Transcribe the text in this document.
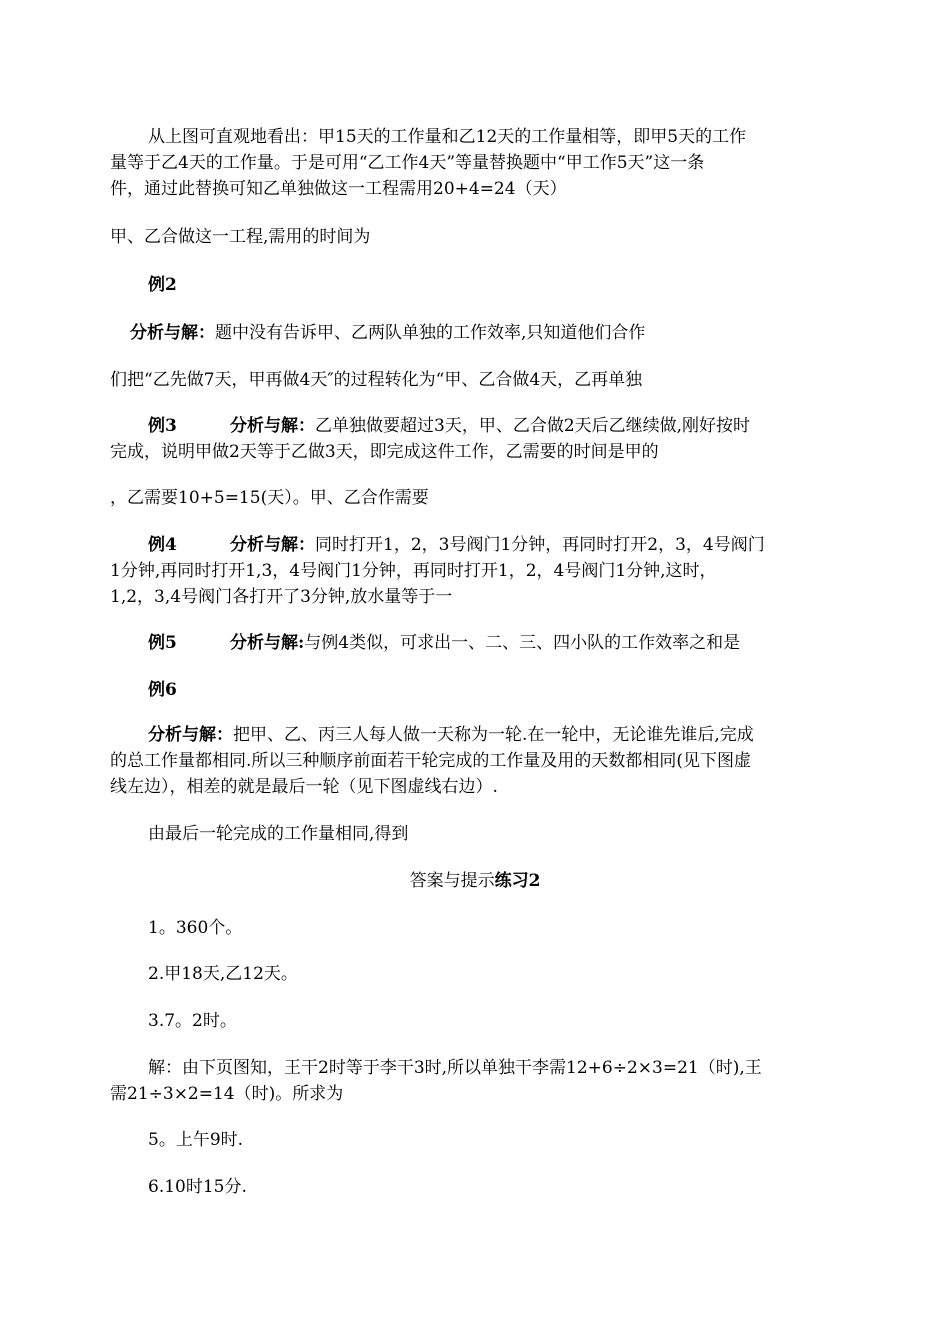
从上图可直观地看出：甲15天的工作量和乙12天的工作量相等，即甲5天的工作
量等于乙4天的工作量。于是可用“乙工作4天”等量替换题中“甲工作5天”这一条
件，通过此替换可知乙单独做这一工程需用20+4=24（天）
甲、乙合做这一工程,需用的时间为
例2
分析与解：题中没有告诉甲、乙两队单独的工作效率,只知道他们合作
们把“乙先做7天，甲再做4天″的过程转化为“甲、乙合做4天，乙再单独
例3	分析与解：乙单独做要超过3天，甲、乙合做2天后乙继续做,刚好按时
完成，说明甲做2天等于乙做3天，即完成这件工作，乙需要的时间是甲的
，乙需要10+5=15(天）。甲、乙合作需要
例4	分析与解：同时打开1，2，3号阀门1分钟，再同时打开2，3，4号阀门
1分钟,再同时打开1,3，4号阀门1分钟，再同时打开1，2，4号阀门1分钟,这时，
1,2，3,4号阀门各打开了3分钟,放水量等于一
例5	分析与解:与例4类似，可求出一、二、三、四小队的工作效率之和是
例6
分析与解：把甲、乙、丙三人每人做一天称为一轮.在一轮中，无论谁先谁后,完成
的总工作量都相同.所以三种顺序前面若干轮完成的工作量及用的天数都相同(见下图虚
线左边），相差的就是最后一轮（见下图虚线右边）.
由最后一轮完成的工作量相同,得到
答案与提示练习2
1。360个。
2.甲18天,乙12天。
3.7。2时。
解：由下页图知，王干2时等于李干3时,所以单独干李需12+6÷2×3=21（时),王
需21÷3×2=14（时)。所求为
5。上午9时.
6.10时15分.
